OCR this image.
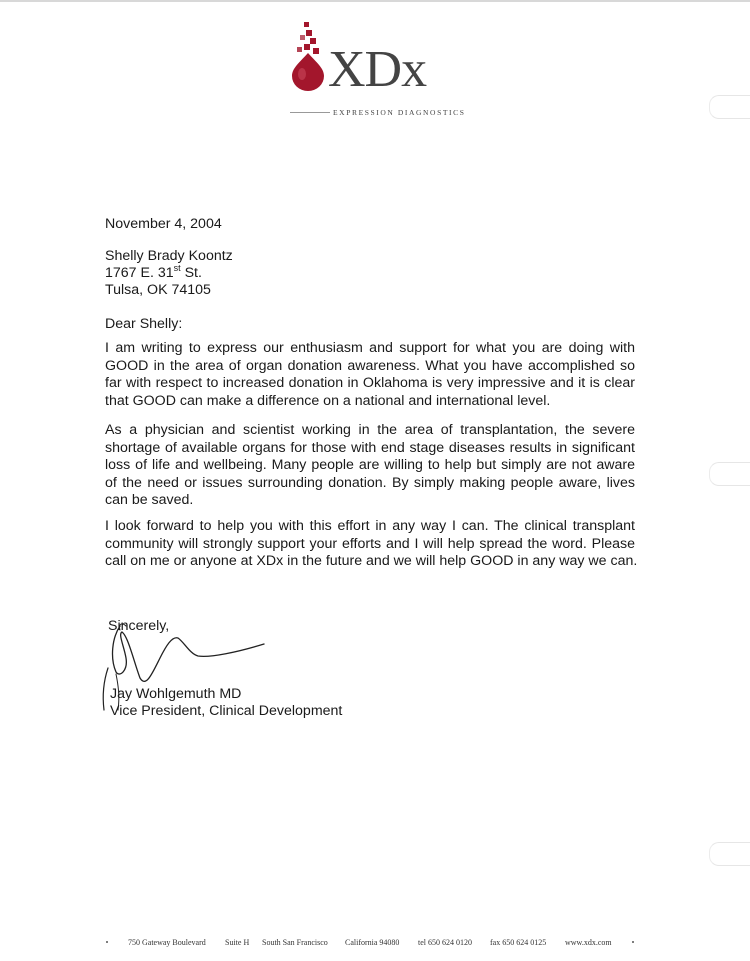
XDx
EXPRESSION DIAGNOSTICS
November 4, 2004
Shelly Brady Koontz
1767 E. 31st St.
Tulsa, OK 74105
Dear Shelly:
I am writing to express our enthusiasm and support for what you are doing with
GOOD in the area of organ donation awareness. What you have accomplished so
far with respect to increased donation in Oklahoma is very impressive and it is clear
that GOOD can make a difference on a national and international level.
As a physician and scientist working in the area of transplantation, the severe
shortage of available organs for those with end stage diseases results in significant
loss of life and wellbeing. Many people are willing to help but simply are not aware
of the need or issues surrounding donation. By simply making people aware, lives
can be saved.
I look forward to help you with this effort in any way I can. The clinical transplant
community will strongly support your efforts and I will help spread the word. Please
call on me or anyone at XDx in the future and we will help GOOD in any way we can.
Sincerely,
Jay Wohlgemuth MD
Vice President, Clinical Development
750 Gateway Boulevard Suite H South San Francisco California 94080 tel 650 624 0120 fax 650 624 0125 www.xdx.com
